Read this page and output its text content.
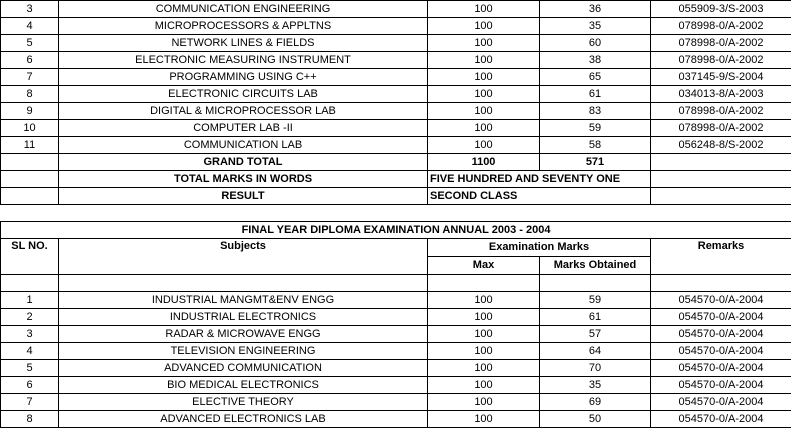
3	COMMUNICATION ENGINEERING	100	36	055909-3/S-2003
4	MICROPROCESSORS & APPLTNS	100	35	078998-0/A-2002
5	NETWORK LINES & FIELDS	100	60	078998-0/A-2002
6	ELECTRONIC MEASURING INSTRUMENT	100	38	078998-0/A-2002
7	PROGRAMMING USING C++	100	65	037145-9/S-2004
8	ELECTRONIC CIRCUITS LAB	100	61	034013-8/A-2003
9	DIGITAL & MICROPROCESSOR LAB	100	83	078998-0/A-2002
10	COMPUTER LAB -II	100	59	078998-0/A-2002
11	COMMUNICATION LAB	100	58	056248-8/S-2002
	GRAND TOTAL	1100	571	
	TOTAL MARKS IN WORDS	FIVE HUNDRED AND SEVENTY ONE		
	RESULT	SECOND CLASS		

FINAL YEAR DIPLOMA EXAMINATION ANNUAL 2003 - 2004				
SL NO.	Subjects	Examination Marks		Remarks
		Max	Marks Obtained	

1	INDUSTRIAL MANGMT&ENV ENGG	100	59	054570-0/A-2004
2	INDUSTRIAL ELECTRONICS	100	61	054570-0/A-2004
3	RADAR & MICROWAVE ENGG	100	57	054570-0/A-2004
4	TELEVISION ENGINEERING	100	64	054570-0/A-2004
5	ADVANCED COMMUNICATION	100	70	054570-0/A-2004
6	BIO MEDICAL ELECTRONICS	100	35	054570-0/A-2004
7	ELECTIVE THEORY	100	69	054570-0/A-2004
8	ADVANCED ELECTRONICS LAB	100	50	054570-0/A-2004
